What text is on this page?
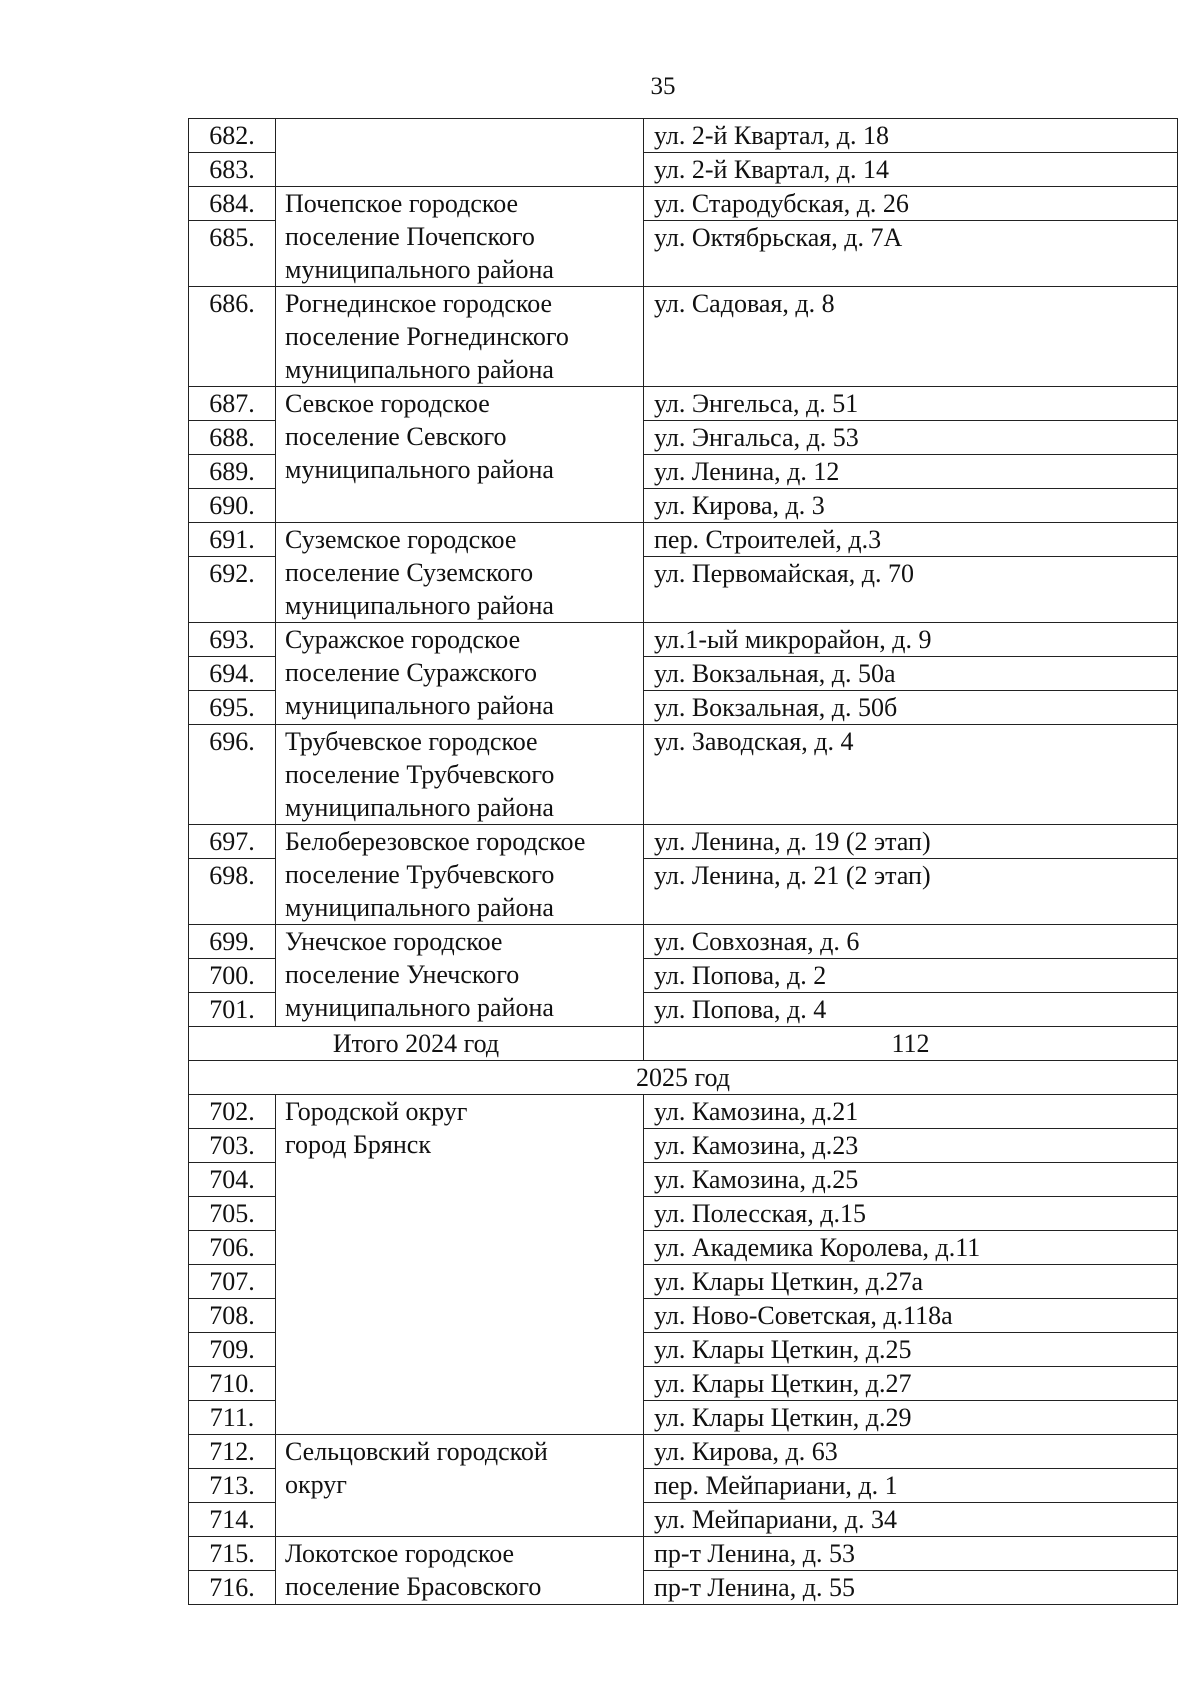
35
682.		ул. 2-й Квартал, д. 18
683.		ул. 2-й Квартал, д. 14
684.	Почепское городское
поселение Почепского
муниципального района	ул. Стародубская, д. 26
685.		ул. Октябрьская, д. 7А

686.	Рогнединское городское
поселение Рогнединского
муниципального района	ул. Садовая, д. 8

687.	Севское городское
поселение Севского
муниципального района	ул. Энгельса, д. 51
688.		ул. Энгальса, д. 53
689.		ул. Ленина, д. 12
690.		ул. Кирова, д. 3
691.	Суземское городское
поселение Суземского
муниципального района	пер. Строителей, д.3
692.		ул. Первомайская, д. 70

693.	Суражское городское
поселение Суражского
муниципального района	ул.1-ый микрорайон, д. 9
694.		ул. Вокзальная, д. 50а
695.		ул. Вокзальная, д. 50б
696.	Трубчевское городское
поселение Трубчевского
муниципального района	ул. Заводская, д. 4

697.	Белоберезовское городское
поселение Трубчевского
муниципального района	ул. Ленина, д. 19 (2 этап)
698.		ул. Ленина, д. 21 (2 этап)

699.	Унечское городское
поселение Унечского
муниципального района	ул. Совхозная, д. 6
700.		ул. Попова, д. 2
701.		ул. Попова, д. 4
Итого 2024 год		112
2025 год		
702.	Городской округ
город Брянск	ул. Камозина, д.21
703.		ул. Камозина, д.23
704.		ул. Камозина, д.25
705.		ул. Полесская, д.15
706.		ул. Академика Королева, д.11
707.		ул. Клары Цеткин, д.27а
708.		ул. Ново-Советская, д.118а
709.		ул. Клары Цеткин, д.25
710.		ул. Клары Цеткин, д.27
711.		ул. Клары Цеткин, д.29
712.	Сельцовский городской
округ	ул. Кирова, д. 63
713.		пер. Мейпариани, д. 1
714.		ул. Мейпариани, д. 34
715.	Локотское городское
поселение Брасовского	пр-т Ленина, д. 53
716.		пр-т Ленина, д. 55
